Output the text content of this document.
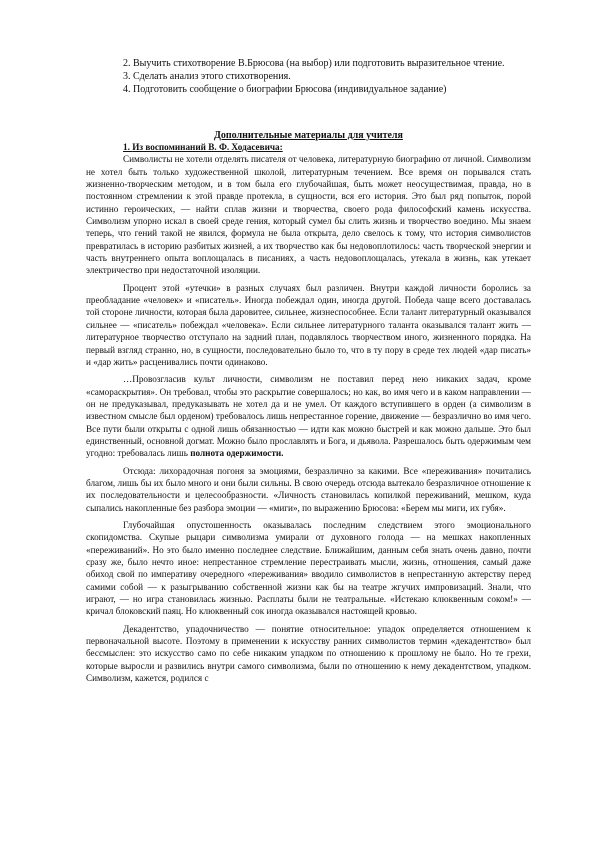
2. Выучить стихотворение В.Брюсова (на выбор) или подготовить выразительное чтение.

3. Сделать анализ этого стихотворения.

4. Подготовить сообщение о биографии Брюсова (индивидуальное задание)

Дополнительные материалы для учителя

1. Из воспоминаний В. Ф. Ходасевича:

Символисты не хотели отделять писателя от человека, литературную биографию от личной. Символизм не хотел быть только художественной школой, литературным течением. Все время он порывался стать жизненно-творческим методом, и в том была его глубочайшая, быть может неосуществимая, правда, но в постоянном стремлении к этой правде протекла, в сущности, вся его история. Это был ряд попыток, порой истинно героических, — найти сплав жизни и творчества, своего рода философский камень искусства. Символизм упорно искал в своей среде гения, который сумел бы слить жизнь и творчество воедино. Мы знаем теперь, что гений такой не явился, формула не была открыта, дело свелось к тому, что история символистов превратилась в историю разбитых жизней, а их творчество как бы недовоплотилось: часть творческой энергии и часть внутреннего опыта воплощалась в писаниях, а часть недовоплощалась, утекала в жизнь, как утекает электричество при недостаточной изоляции.

Процент этой «утечки» в разных случаях был различен. Внутри каждой личности боролись за преобладание «человек» и «писатель». Иногда побеждал один, иногда другой. Победа чаще всего доставалась той стороне личности, которая была даровитее, сильнее, жизнеспособнее. Если талант литературный оказывался сильнее — «писатель» побеждал «человека». Если сильнее литературного таланта оказывался талант жить — литературное творчество отступало на задний план, подавлялось творчеством иного, жизненного порядка. На первый взгляд странно, но, в сущности, последовательно было то, что в ту пору в среде тех людей «дар писать» и «дар жить» расценивались почти одинаково.

…Провозгласив культ личности, символизм не поставил перед нею никаких задач, кроме «самораскрытия». Он требовал, чтобы это раскрытие совершалось; но как, во имя чего и в каком направлении — он не предуказывал, предуказывать не хотел да и не умел. От каждого вступившего в орден (а символизм в известном смысле был орденом) требовалось лишь непрестанное горение, движение — безразлично во имя чего. Все пути были открыты с одной лишь обязанностью — идти как можно быстрей и как можно дальше. Это был единственный, основной догмат. Можно было прославлять и Бога, и дьявола. Разрешалось быть одержимым чем угодно: требовалась лишь полнота одержимости.

Отсюда: лихорадочная погоня за эмоциями, безразлично за какими. Все «переживания» почитались благом, лишь бы их было много и они были сильны. В свою очередь отсюда вытекало безразличное отношение к их последовательности и целесообразности. «Личность становилась копилкой переживаний, мешком, куда сыпались накопленные без разбора эмоции — «миги», по выражению Брюсова: «Берем мы миги, их губя».

Глубочайшая опустошенность оказывалась последним следствием этого эмоционального скопидомства. Скупые рыцари символизма умирали от духовного голода — на мешках накопленных «переживаний». Но это было именно последнее следствие. Ближайшим, данным себя знать очень давно, почти сразу же, было нечто иное: непрестанное стремление перестраивать мысли, жизнь, отношения, самый даже обиход свой по императиву очередного «переживания» вводило символистов в непрестанную актерству перед самими собой — к разыгрыванию собственной жизни как бы на театре жгучих импровизаций. Знали, что играют, — но игра становилась жизнью. Расплаты были не театральные. «Истекаю клюквенным соком!» — кричал блоковский паяц. Но клюквенный сок иногда оказывался настоящей кровью.

Декадентство, упадочничество — понятие относительное: упадок определяется отношением к первоначальной высоте. Поэтому в применении к искусству ранних символистов термин «декадентство» был бессмыслен: это искусство само по себе никаким упадком по отношению к прошлому не было. Но те грехи, которые выросли и развились внутри самого символизма, были по отношению к нему декадентством, упадком. Символизм, кажется, родился с
